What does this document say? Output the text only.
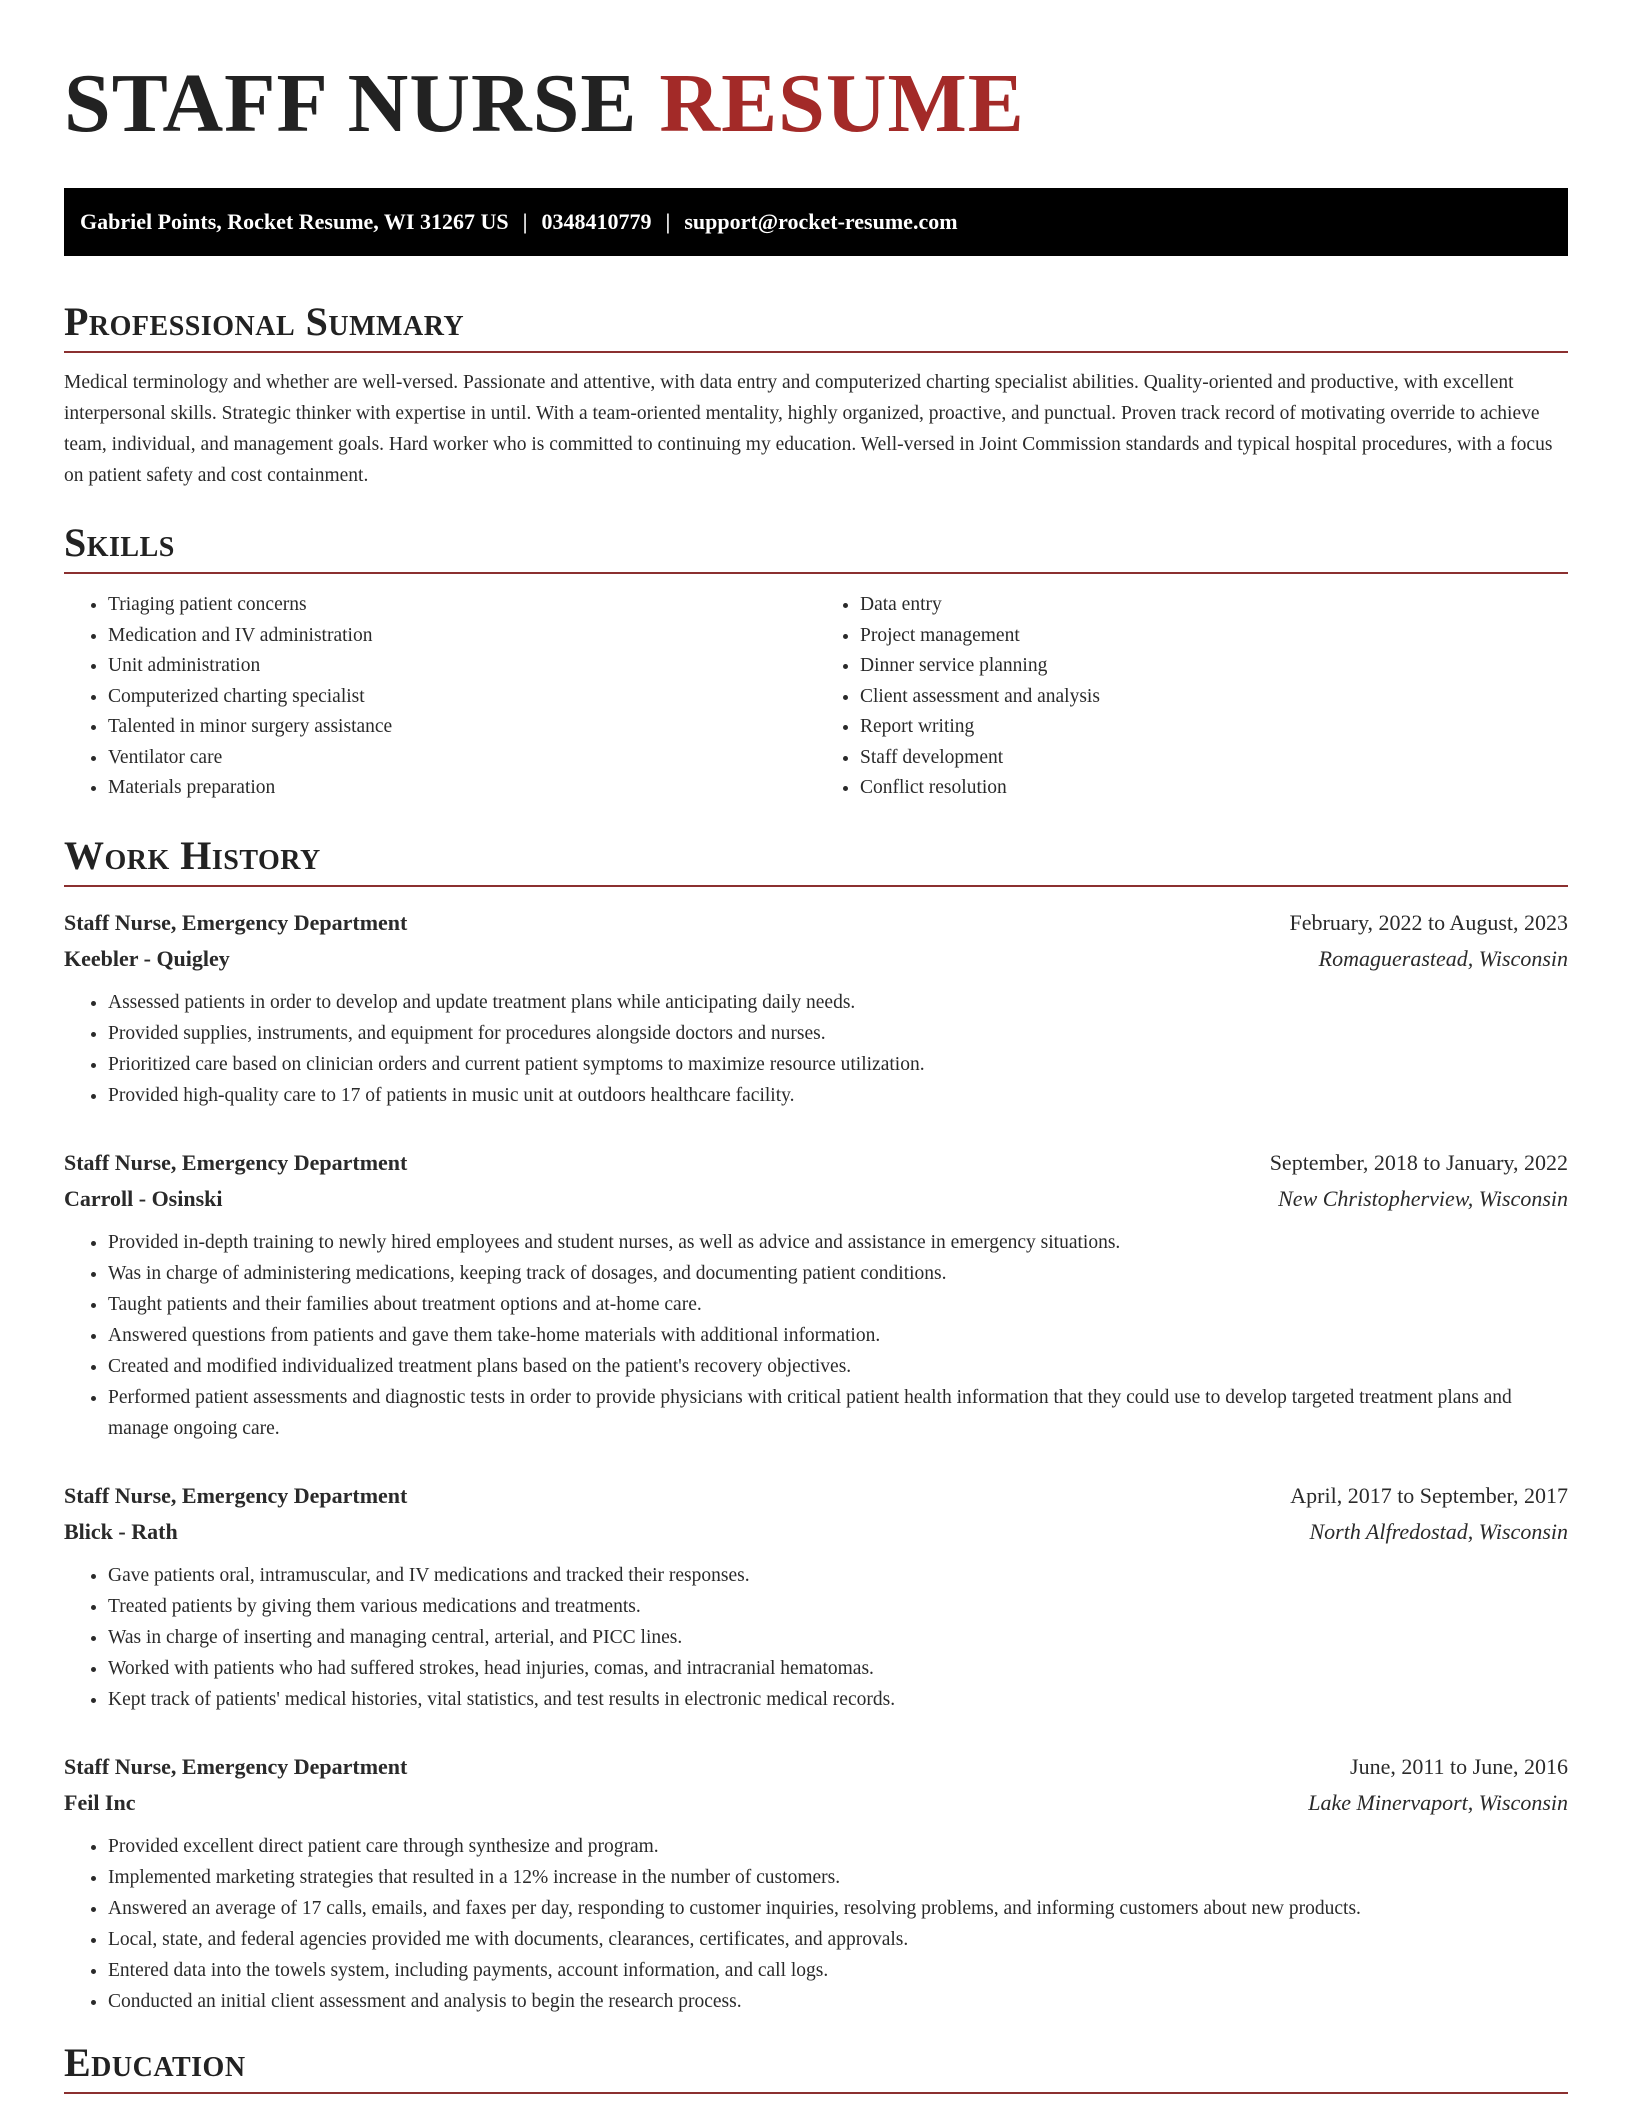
STAFF NURSE RESUME
Gabriel Points, Rocket Resume, WI 31267 US | 0348410779 | support@rocket-resume.com
Professional Summary

Medical terminology and whether are well-versed. Passionate and attentive, with data entry and computerized charting specialist abilities. Quality-oriented and productive, with excellent interpersonal skills. Strategic thinker with expertise in until. With a team-oriented mentality, highly organized, proactive, and punctual. Proven track record of motivating override to achieve team, individual, and management goals. Hard worker who is committed to continuing my education. Well-versed in Joint Commission standards and typical hospital procedures, with a focus on patient safety and cost containment.

Skills
• Triaging patient concerns
• Medication and IV administration
• Unit administration
• Computerized charting specialist
• Talented in minor surgery assistance
• Ventilator care
• Materials preparation
• Data entry
• Project management
• Dinner service planning
• Client assessment and analysis
• Report writing
• Staff development
• Conflict resolution
Work History
Staff Nurse, Emergency Department	February, 2022 to August, 2023
Keebler - Quigley	Romaguerastead, Wisconsin
• Assessed patients in order to develop and update treatment plans while anticipating daily needs.
• Provided supplies, instruments, and equipment for procedures alongside doctors and nurses.
• Prioritized care based on clinician orders and current patient symptoms to maximize resource utilization.
• Provided high-quality care to 17 of patients in music unit at outdoors healthcare facility.
Staff Nurse, Emergency Department	September, 2018 to January, 2022
Carroll - Osinski	New Christopherview, Wisconsin
• Provided in-depth training to newly hired employees and student nurses, as well as advice and assistance in emergency situations.
• Was in charge of administering medications, keeping track of dosages, and documenting patient conditions.
• Taught patients and their families about treatment options and at-home care.
• Answered questions from patients and gave them take-home materials with additional information.
• Created and modified individualized treatment plans based on the patient's recovery objectives.
• Performed patient assessments and diagnostic tests in order to provide physicians with critical patient health information that they could use to develop targeted treatment plans and manage ongoing care.
Staff Nurse, Emergency Department	April, 2017 to September, 2017
Blick - Rath	North Alfredostad, Wisconsin
• Gave patients oral, intramuscular, and IV medications and tracked their responses.
• Treated patients by giving them various medications and treatments.
• Was in charge of inserting and managing central, arterial, and PICC lines.
• Worked with patients who had suffered strokes, head injuries, comas, and intracranial hematomas.
• Kept track of patients' medical histories, vital statistics, and test results in electronic medical records.
Staff Nurse, Emergency Department	June, 2011 to June, 2016
Feil Inc	Lake Minervaport, Wisconsin
• Provided excellent direct patient care through synthesize and program.
• Implemented marketing strategies that resulted in a 12% increase in the number of customers.
• Answered an average of 17 calls, emails, and faxes per day, responding to customer inquiries, resolving problems, and informing customers about new products.
• Local, state, and federal agencies provided me with documents, clearances, certificates, and approvals.
• Entered data into the towels system, including payments, account information, and call logs.
• Conducted an initial client assessment and analysis to begin the research process.
Education
